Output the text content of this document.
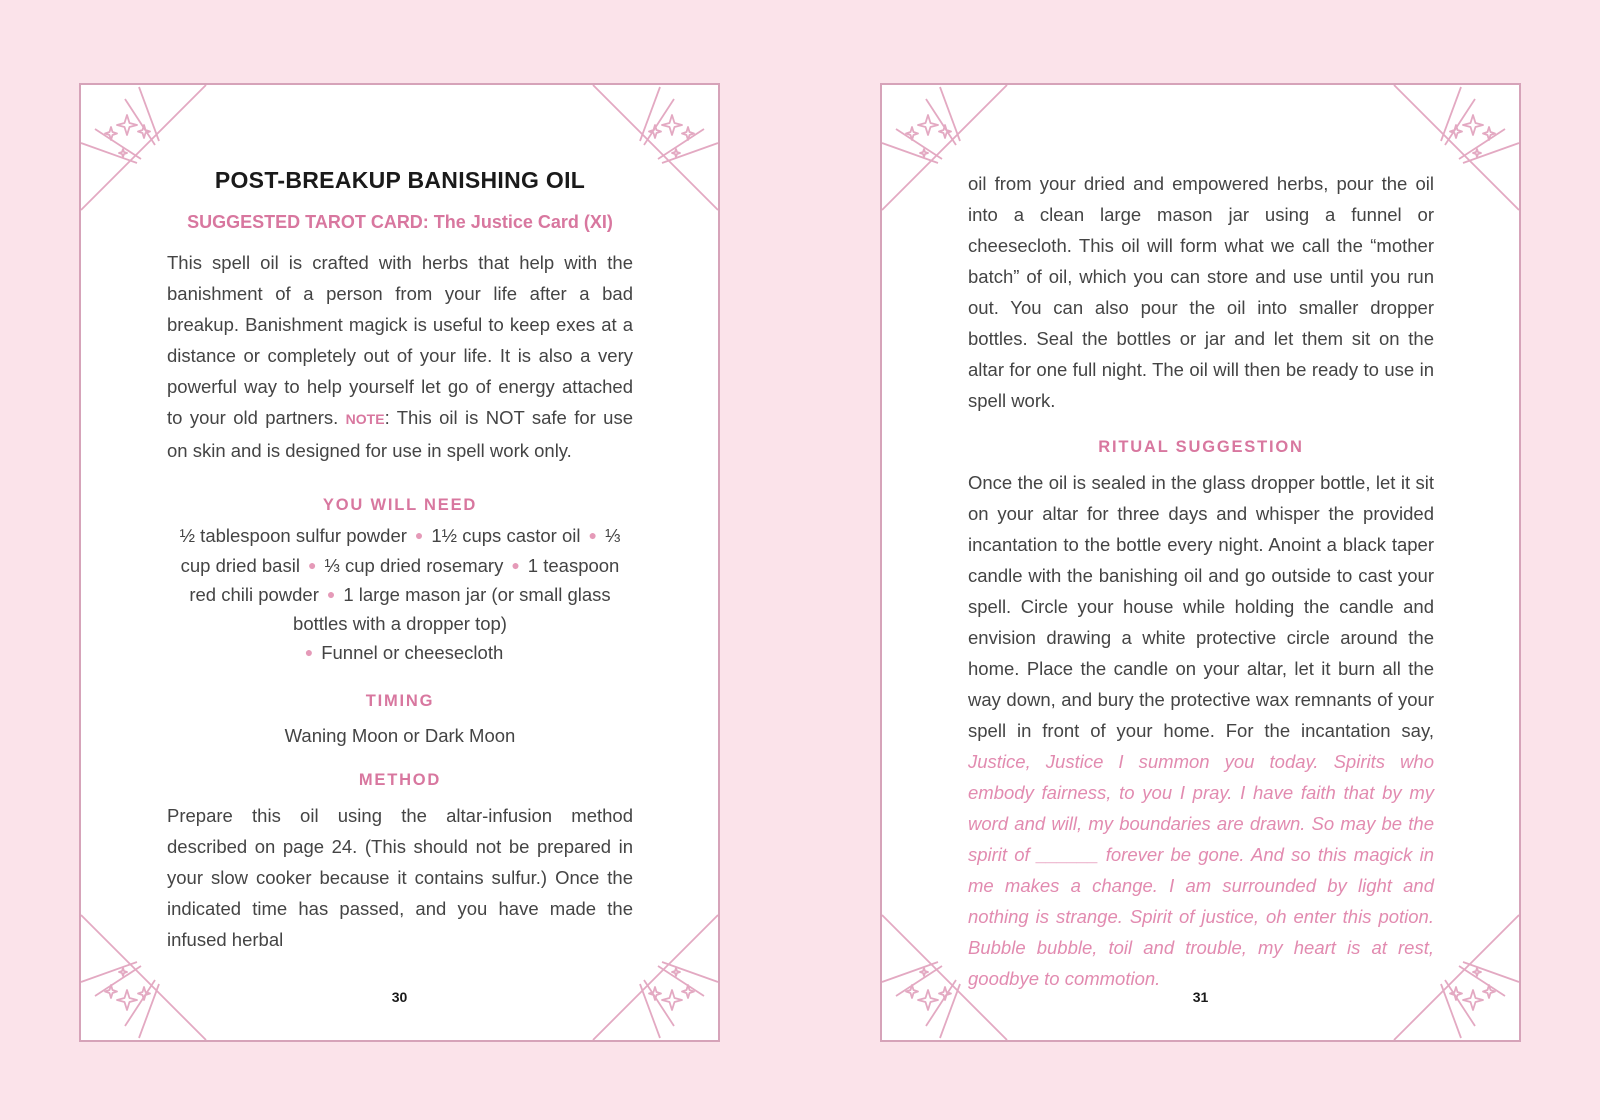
POST-BREAKUP BANISHING OIL

SUGGESTED TAROT CARD: The Justice Card (XI)

This spell oil is crafted with herbs that help with the banishment of a person from your life after a bad breakup. Banishment magick is useful to keep exes at a distance or completely out of your life. It is also a very powerful way to help yourself let go of energy attached to your old partners. NOTE: This oil is NOT safe for use on skin and is designed for use in spell work only.

YOU WILL NEED

½ tablespoon sulfur powder ● 1½ cups castor oil ● ⅓ cup dried basil ● ⅓ cup dried rosemary ● 1 teaspoon red chili powder ● 1 large mason jar (or small glass bottles with a dropper top)
● Funnel or cheesecloth

TIMING

Waning Moon or Dark Moon

METHOD

Prepare this oil using the altar-infusion method described on page 24. (This should not be prepared in your slow cooker because it contains sulfur.) Once the indicated time has passed, and you have made the infused herbal

30

oil from your dried and empowered herbs, pour the oil into a clean large mason jar using a funnel or cheesecloth. This oil will form what we call the “mother batch” of oil, which you can store and use until you run out. You can also pour the oil into smaller dropper bottles. Seal the bottles or jar and let them sit on the altar for one full night. The oil will then be ready to use in spell work.

RITUAL SUGGESTION

Once the oil is sealed in the glass dropper bottle, let it sit on your altar for three days and whisper the provided incantation to the bottle every night. Anoint a black taper candle with the banishing oil and go outside to cast your spell. Circle your house while holding the candle and envision drawing a white protective circle around the home. Place the candle on your altar, let it burn all the way down, and bury the protective wax remnants of your spell in front of your home. For the incantation say, Justice, Justice I summon you today. Spirits who embody fairness, to you I pray. I have faith that by my word and will, my boundaries are drawn. So may be the spirit of ______ forever be gone. And so this magick in me makes a change. I am surrounded by light and nothing is strange. Spirit of justice, oh enter this potion. Bubble bubble, toil and trouble, my heart is at rest, goodbye to commotion.

31
